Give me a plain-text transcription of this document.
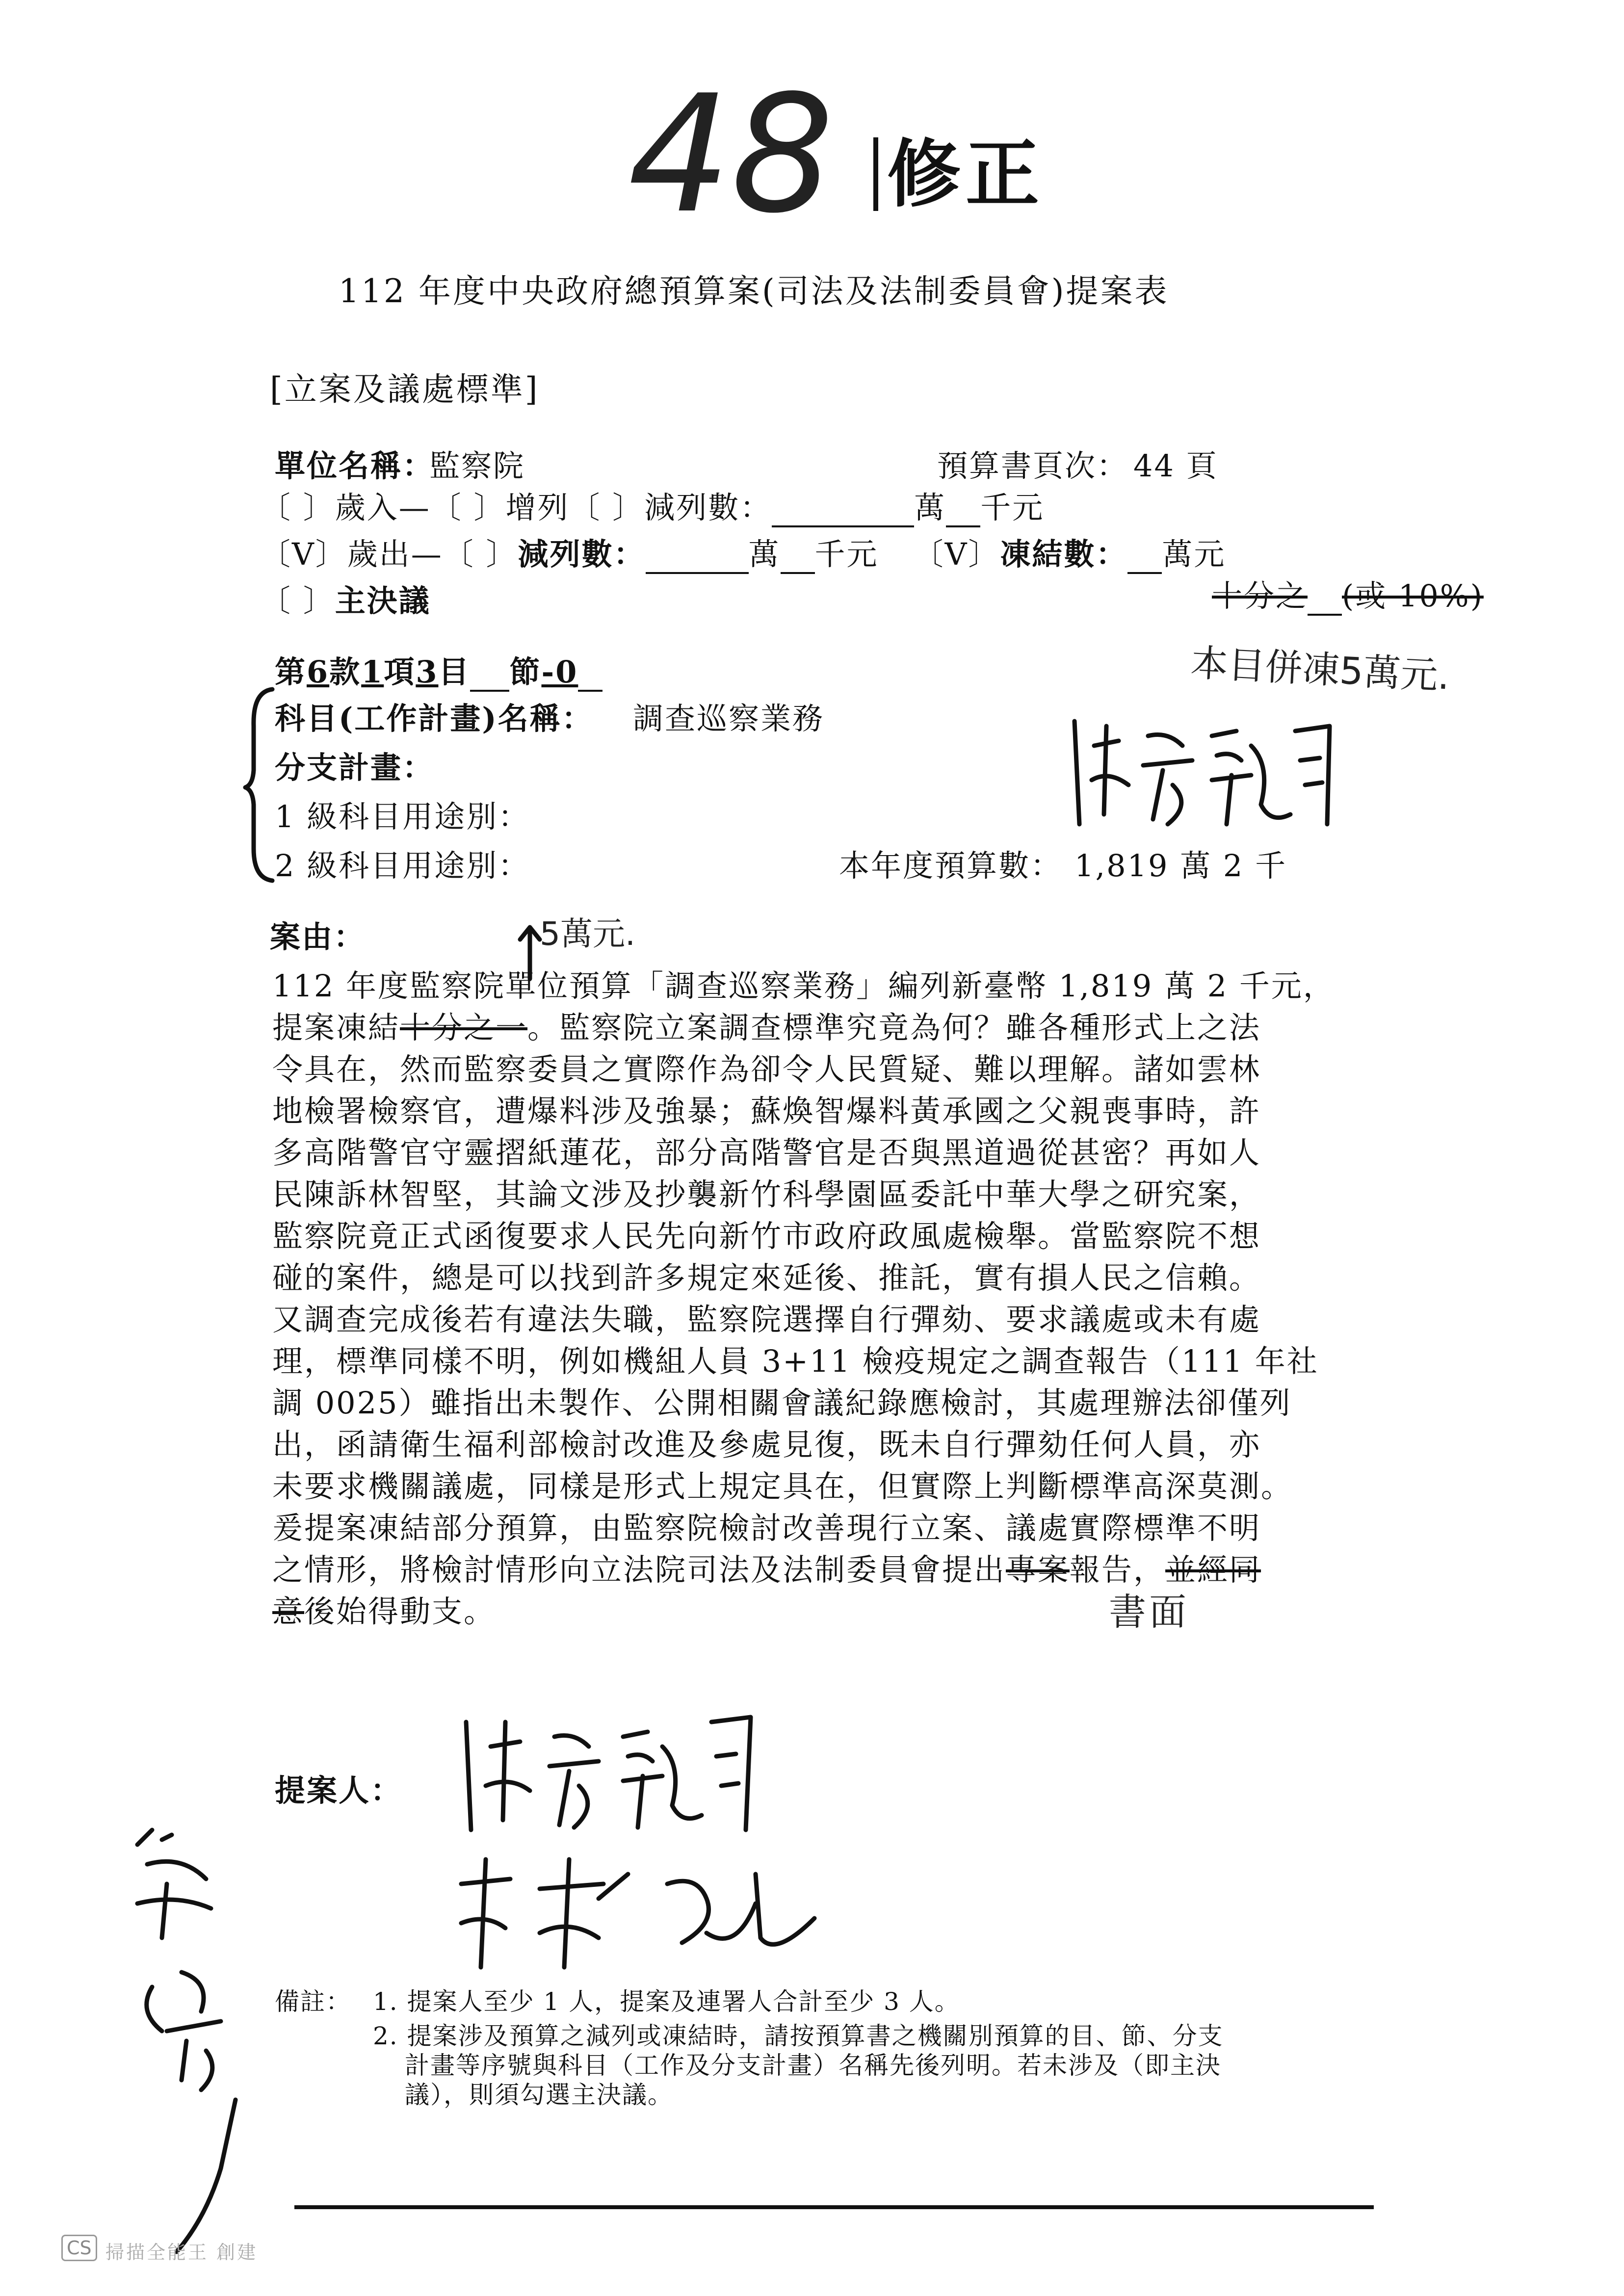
48 修正
112 年度中央政府總預算案(司法及法制委員會)提案表
[立案及議處標準]
單位名稱：
監察院	預算書頁次： 44 頁
〔 〕歲入—〔 〕增列〔 〕減列數：	萬 千元
〔V〕歲出—〔 〕減列數：	萬 千元 〔V〕凍結數： 萬元
〔 〕主決議	十分之 (或 10%)
本目併凍5萬元.
第6款1項3目 節-0
科目(工作計畫)名稱： 調查巡察業務
分支計畫：
1 級科目用途別：
2 級科目用途別：	本年度預算數： 1,819 萬 2 千
案由：	5萬元.
112 年度監察院單位預算「調查巡察業務」編列新臺幣 1,819 萬 2 千元，
提案凍結十分之一。監察院立案調查標準究竟為何？雖各種形式上之法
令具在，然而監察委員之實際作為卻令人民質疑、難以理解。諸如雲林
地檢署檢察官，遭爆料涉及強暴；蘇煥智爆料黃承國之父親喪事時，許
多高階警官守靈摺紙蓮花，部分高階警官是否與黑道過從甚密？再如人
民陳訴林智堅，其論文涉及抄襲新竹科學園區委託中華大學之研究案，
監察院竟正式函復要求人民先向新竹市政府政風處檢舉。當監察院不想
碰的案件，總是可以找到許多規定來延後、推託，實有損人民之信賴。
又調查完成後若有違法失職，監察院選擇自行彈劾、要求議處或未有處
理，標準同樣不明，例如機組人員 3+11 檢疫規定之調查報告（111 年社
調 0025）雖指出未製作、公開相關會議紀錄應檢討，其處理辦法卻僅列
出，函請衛生福利部檢討改進及參處見復，既未自行彈劾任何人員，亦
未要求機關議處，同樣是形式上規定具在，但實際上判斷標準高深莫測。
爰提案凍結部分預算，由監察院檢討改善現行立案、議處實際標準不明
之情形，將檢討情形向立法院司法及法制委員會提出專案報告，並經同
意後始得動支。	書面
提案人：
備註： 1. 提案人至少 1 人，提案及連署人合計至少 3 人。
2. 提案涉及預算之減列或凍結時，請按預算書之機關別預算的目、節、分支
計畫等序號與科目（工作及分支計畫）名稱先後列明。若未涉及（即主決
議），則須勾選主決議。
CS 掃描全能王 創建
